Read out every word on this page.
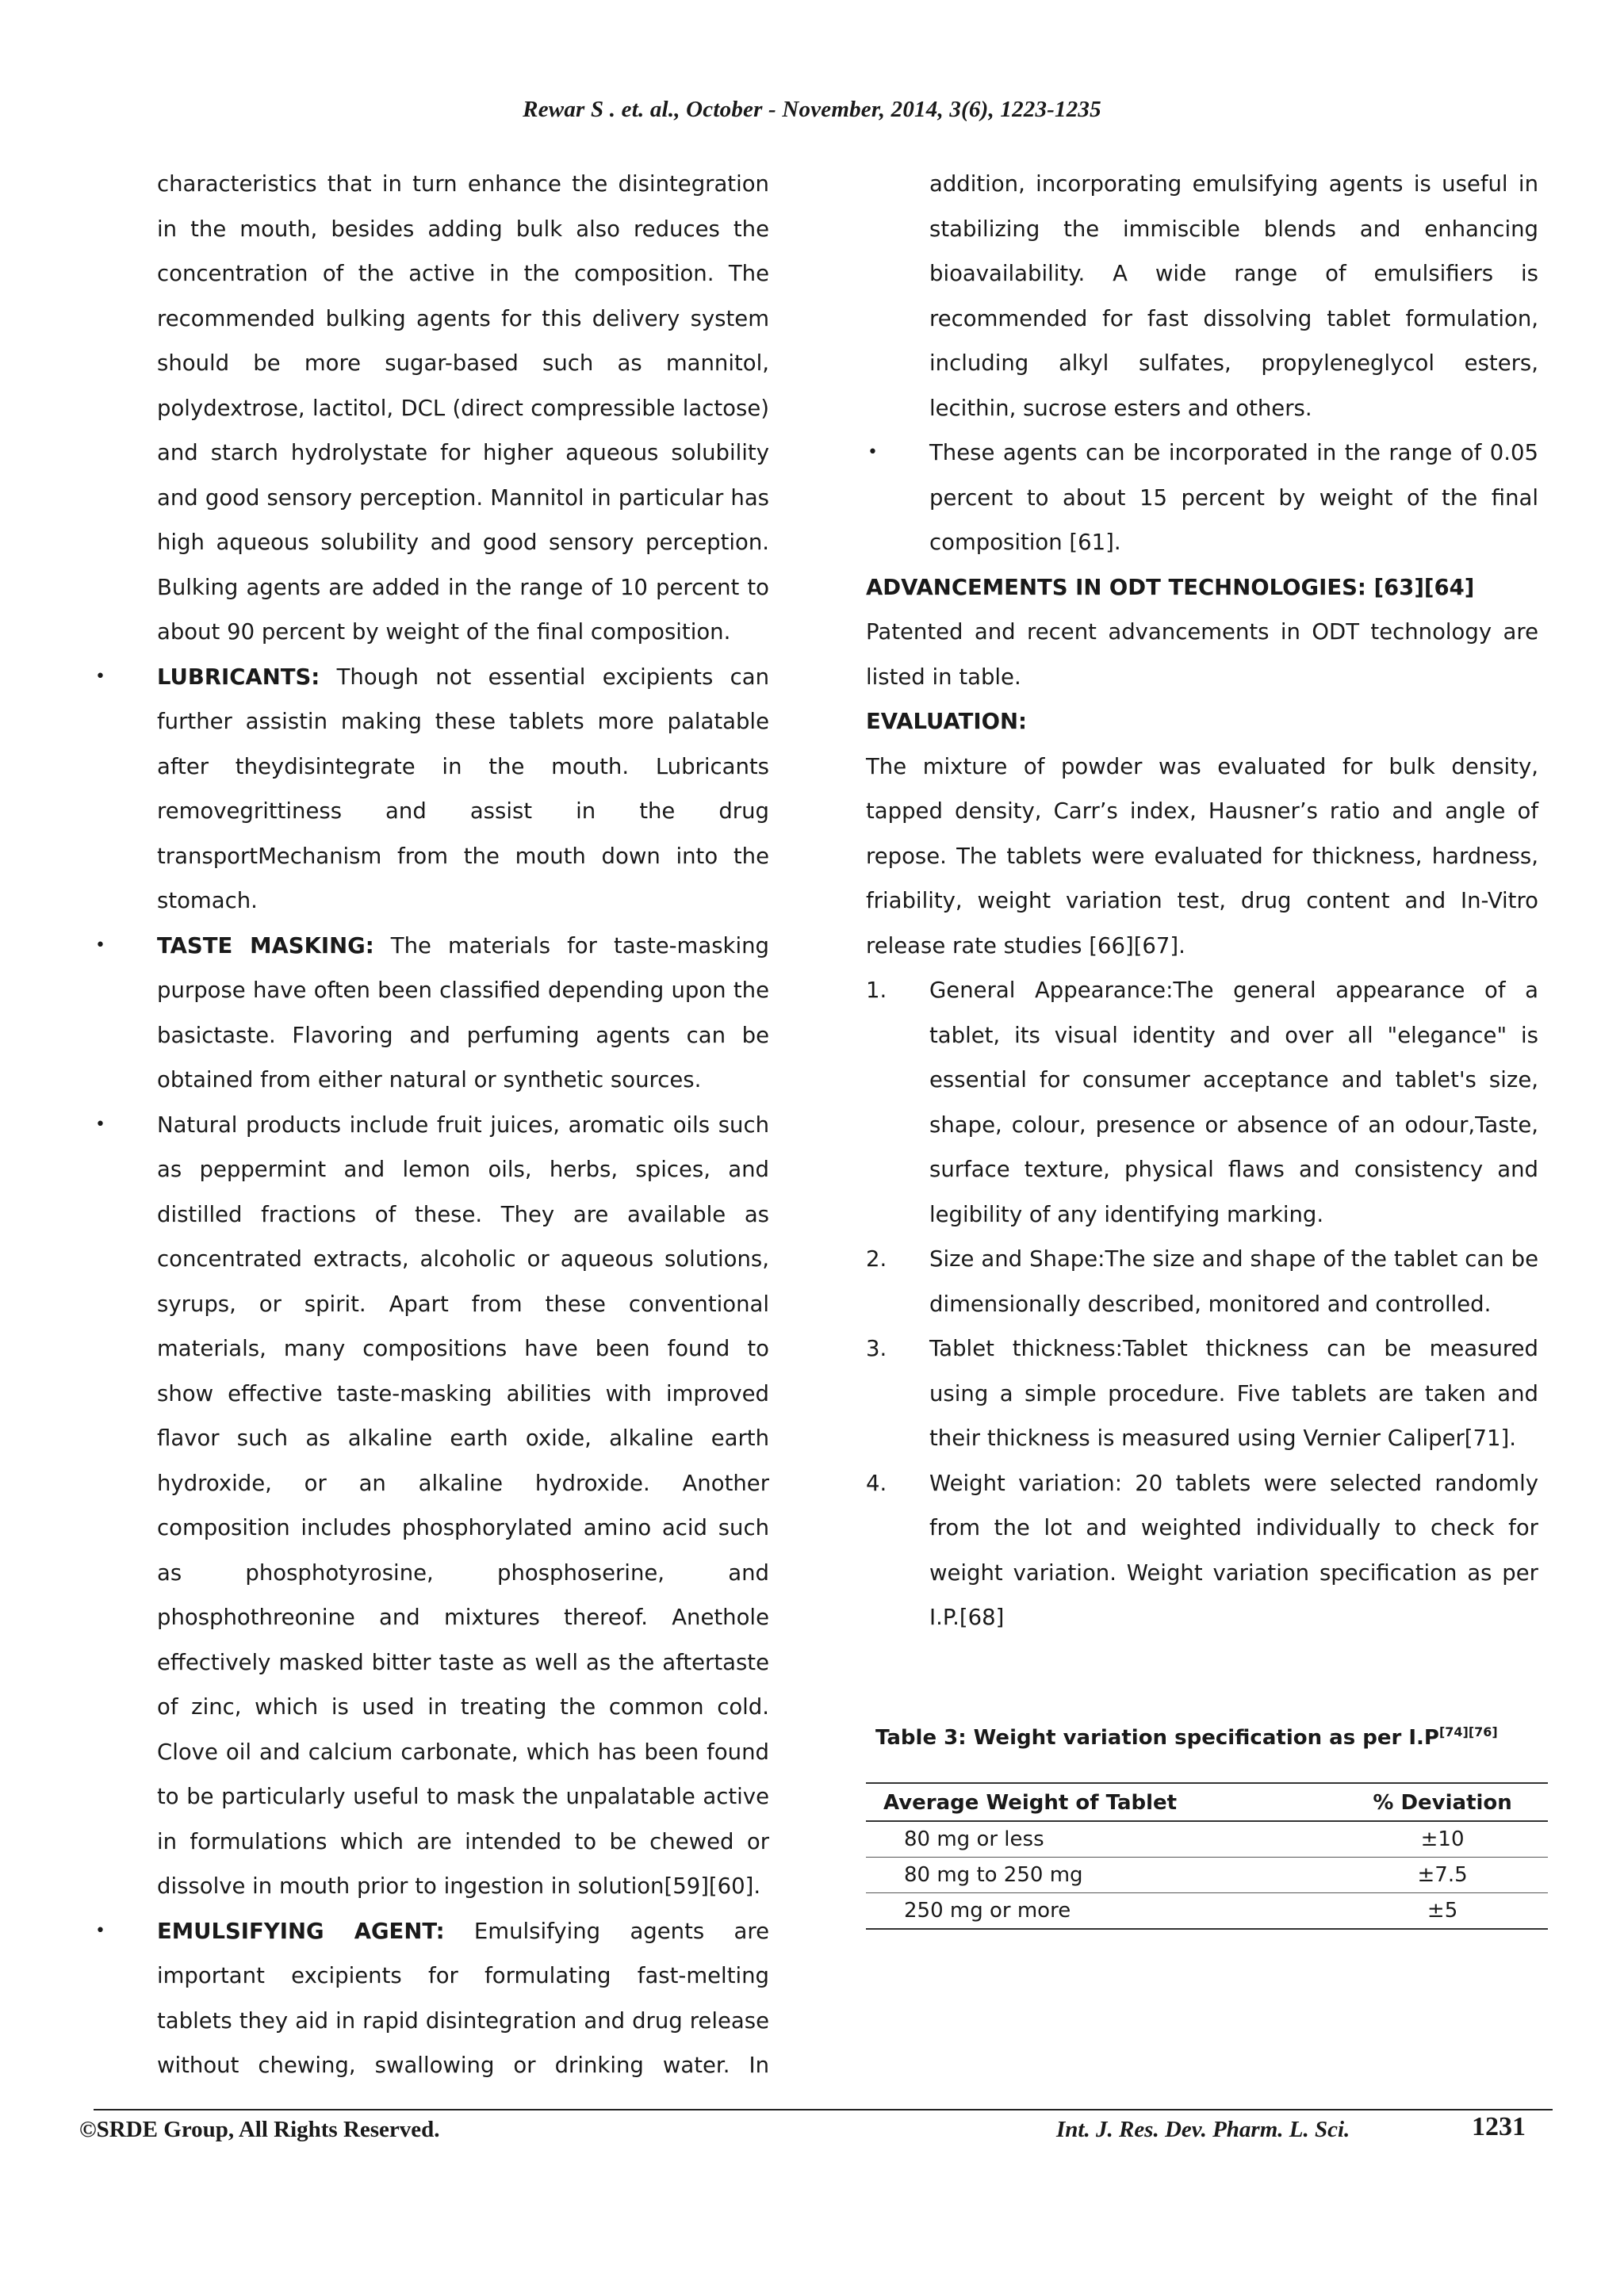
Rewar S . et. al., October - November, 2014, 3(6), 1223-1235

characteristics that in turn enhance the disintegration in the mouth, besides adding bulk also reduces the concentration of the active in the composition. The recommended bulking agents for this delivery system should be more sugar-based such as mannitol, polydextrose, lactitol, DCL (direct compressible lactose) and starch hydrolystate for higher aqueous solubility and good sensory perception. Mannitol in particular has high aqueous solubility and good sensory perception. Bulking agents are added in the range of 10 percent to about 90 percent by weight of the final composition.

• LUBRICANTS: Though not essential excipients can further assistin making these tablets more palatable after theydisintegrate in the mouth. Lubricants removegrittiness and assist in the drug transportMechanism from the mouth down into the stomach.
• TASTE MASKING: The materials for taste-masking purpose have often been classified depending upon the basictaste. Flavoring and perfuming agents can be obtained from either natural or synthetic sources.
• Natural products include fruit juices, aromatic oils such as peppermint and lemon oils, herbs, spices, and distilled fractions of these. They are available as concentrated extracts, alcoholic or aqueous solutions, syrups, or spirit. Apart from these conventional materials, many compositions have been found to show effective taste-masking abilities with improved flavor such as alkaline earth oxide, alkaline earth hydroxide, or an alkaline hydroxide. Another composition includes phosphorylated amino acid such as phosphotyrosine, phosphoserine, and phosphothreonine and mixtures thereof. Anethole effectively masked bitter taste as well as the aftertaste of zinc, which is used in treating the common cold. Clove oil and calcium carbonate, which has been found to be particularly useful to mask the unpalatable active in formulations which are intended to be chewed or dissolve in mouth prior to ingestion in solution[59][60].
• EMULSIFYING AGENT: Emulsifying agents are important excipients for formulating fast-melting tablets they aid in rapid disintegration and drug release without chewing, swallowing or drinking water. In

addition, incorporating emulsifying agents is useful in stabilizing the immiscible blends and enhancing bioavailability. A wide range of emulsifiers is recommended for fast dissolving tablet formulation, including alkyl sulfates, propyleneglycol esters, lecithin, sucrose esters and others.

• These agents can be incorporated in the range of 0.05 percent to about 15 percent by weight of the final composition [61].

ADVANCEMENTS IN ODT TECHNOLOGIES: [63][64]

Patented and recent advancements in ODT technology are listed in table.

EVALUATION:

The mixture of powder was evaluated for bulk density, tapped density, Carr’s index, Hausner’s ratio and angle of repose. The tablets were evaluated for thickness, hardness, friability, weight variation test, drug content and In-Vitro release rate studies [66][67].

1. General Appearance:The general appearance of a tablet, its visual identity and over all "elegance" is essential for consumer acceptance and tablet's size, shape, colour, presence or absence of an odour,Taste, surface texture, physical flaws and consistency and legibility of any identifying marking.
2. Size and Shape:The size and shape of the tablet can be dimensionally described, monitored and controlled.
3. Tablet thickness:Tablet thickness can be measured using a simple procedure. Five tablets are taken and their thickness is measured using Vernier Caliper[71].
4. Weight variation: 20 tablets were selected randomly from the lot and weighted individually to check for weight variation. Weight variation specification as per I.P.[68]
Table 3: Weight variation specification as per I.P[74][76]
Average Weight of Tablet	% Deviation
80 mg or less	±10
80 mg to 250 mg	±7.5
250 mg or more	±5
©SRDE Group, All Rights Reserved.	Int. J. Res. Dev. Pharm. L. Sci.	1231
